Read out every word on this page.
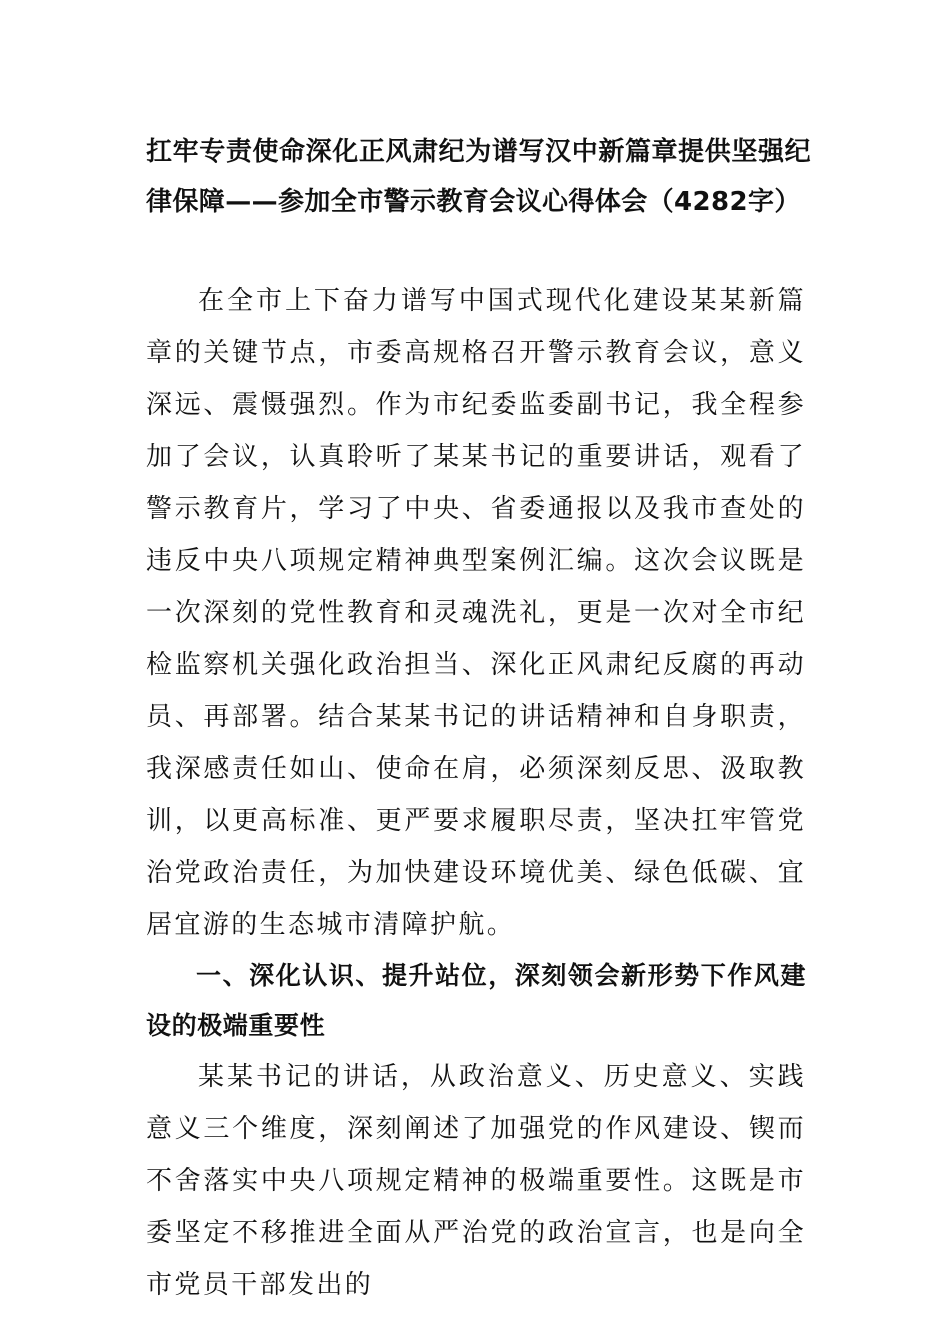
扛牢专责使命深化正风肃纪为谱写汉中新篇章提供坚强纪律保障——参加全市警示教育会议心得体会（4282字）

在全市上下奋力谱写中国式现代化建设某某新篇章的关键节点，市委高规格召开警示教育会议，意义深远、震慑强烈。作为市纪委监委副书记，我全程参加了会议，认真聆听了某某书记的重要讲话，观看了警示教育片，学习了中央、省委通报以及我市查处的违反中央八项规定精神典型案例汇编。这次会议既是一次深刻的党性教育和灵魂洗礼，更是一次对全市纪检监察机关强化政治担当、深化正风肃纪反腐的再动员、再部署。结合某某书记的讲话精神和自身职责，我深感责任如山、使命在肩，必须深刻反思、汲取教训，以更高标准、更严要求履职尽责，坚决扛牢管党治党政治责任，为加快建设环境优美、绿色低碳、宜居宜游的生态城市清障护航。

一、深化认识、提升站位，深刻领会新形势下作风建设的极端重要性

某某书记的讲话，从政治意义、历史意义、实践意义三个维度，深刻阐述了加强党的作风建设、锲而不舍落实中央八项规定精神的极端重要性。这既是市委坚定不移推进全面从严治党的政治宣言，也是向全市党员干部发出的
